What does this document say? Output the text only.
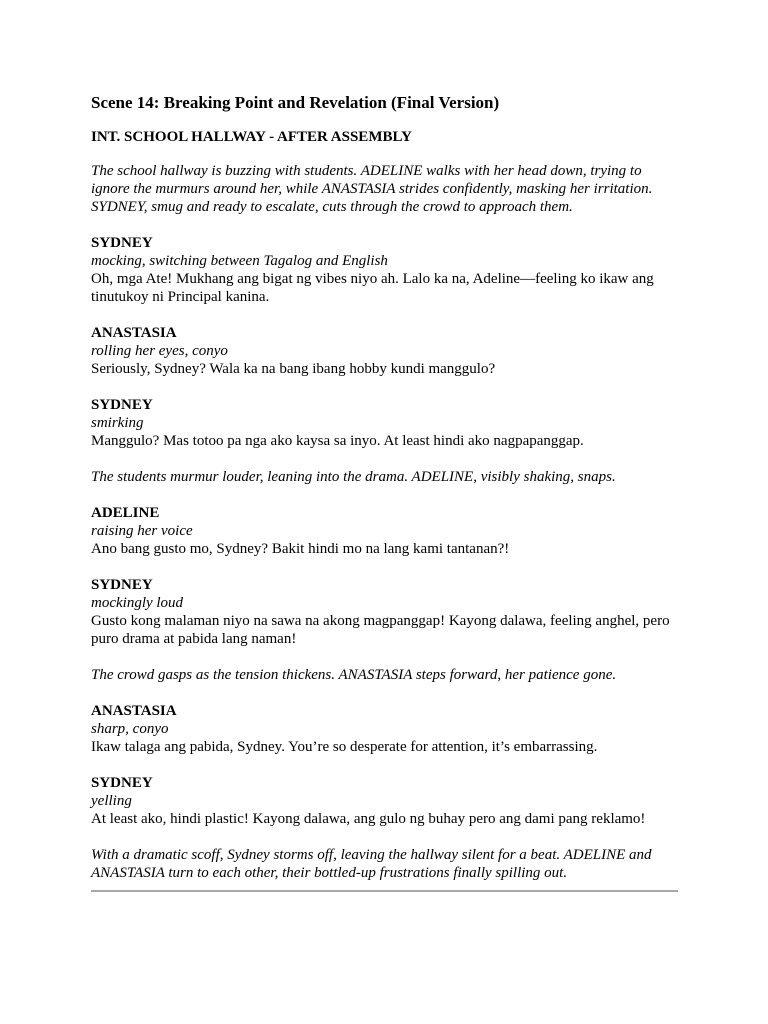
Scene 14: Breaking Point and Revelation (Final Version)
INT. SCHOOL HALLWAY - AFTER ASSEMBLY
The school hallway is buzzing with students. ADELINE walks with her head down, trying to ignore the murmurs around her, while ANASTASIA strides confidently, masking her irritation. SYDNEY, smug and ready to escalate, cuts through the crowd to approach them.
SYDNEY
mocking, switching between Tagalog and English
Oh, mga Ate! Mukhang ang bigat ng vibes niyo ah. Lalo ka na, Adeline—feeling ko ikaw ang tinutukoy ni Principal kanina.
ANASTASIA
rolling her eyes, conyo
Seriously, Sydney? Wala ka na bang ibang hobby kundi manggulo?
SYDNEY
smirking
Manggulo? Mas totoo pa nga ako kaysa sa inyo. At least hindi ako nagpapanggap.
The students murmur louder, leaning into the drama. ADELINE, visibly shaking, snaps.
ADELINE
raising her voice
Ano bang gusto mo, Sydney? Bakit hindi mo na lang kami tantanan?!
SYDNEY
mockingly loud
Gusto kong malaman niyo na sawa na akong magpanggap! Kayong dalawa, feeling anghel, pero puro drama at pabida lang naman!
The crowd gasps as the tension thickens. ANASTASIA steps forward, her patience gone.
ANASTASIA
sharp, conyo
Ikaw talaga ang pabida, Sydney. You’re so desperate for attention, it’s embarrassing.
SYDNEY
yelling
At least ako, hindi plastic! Kayong dalawa, ang gulo ng buhay pero ang dami pang reklamo!
With a dramatic scoff, Sydney storms off, leaving the hallway silent for a beat. ADELINE and ANASTASIA turn to each other, their bottled-up frustrations finally spilling out.
